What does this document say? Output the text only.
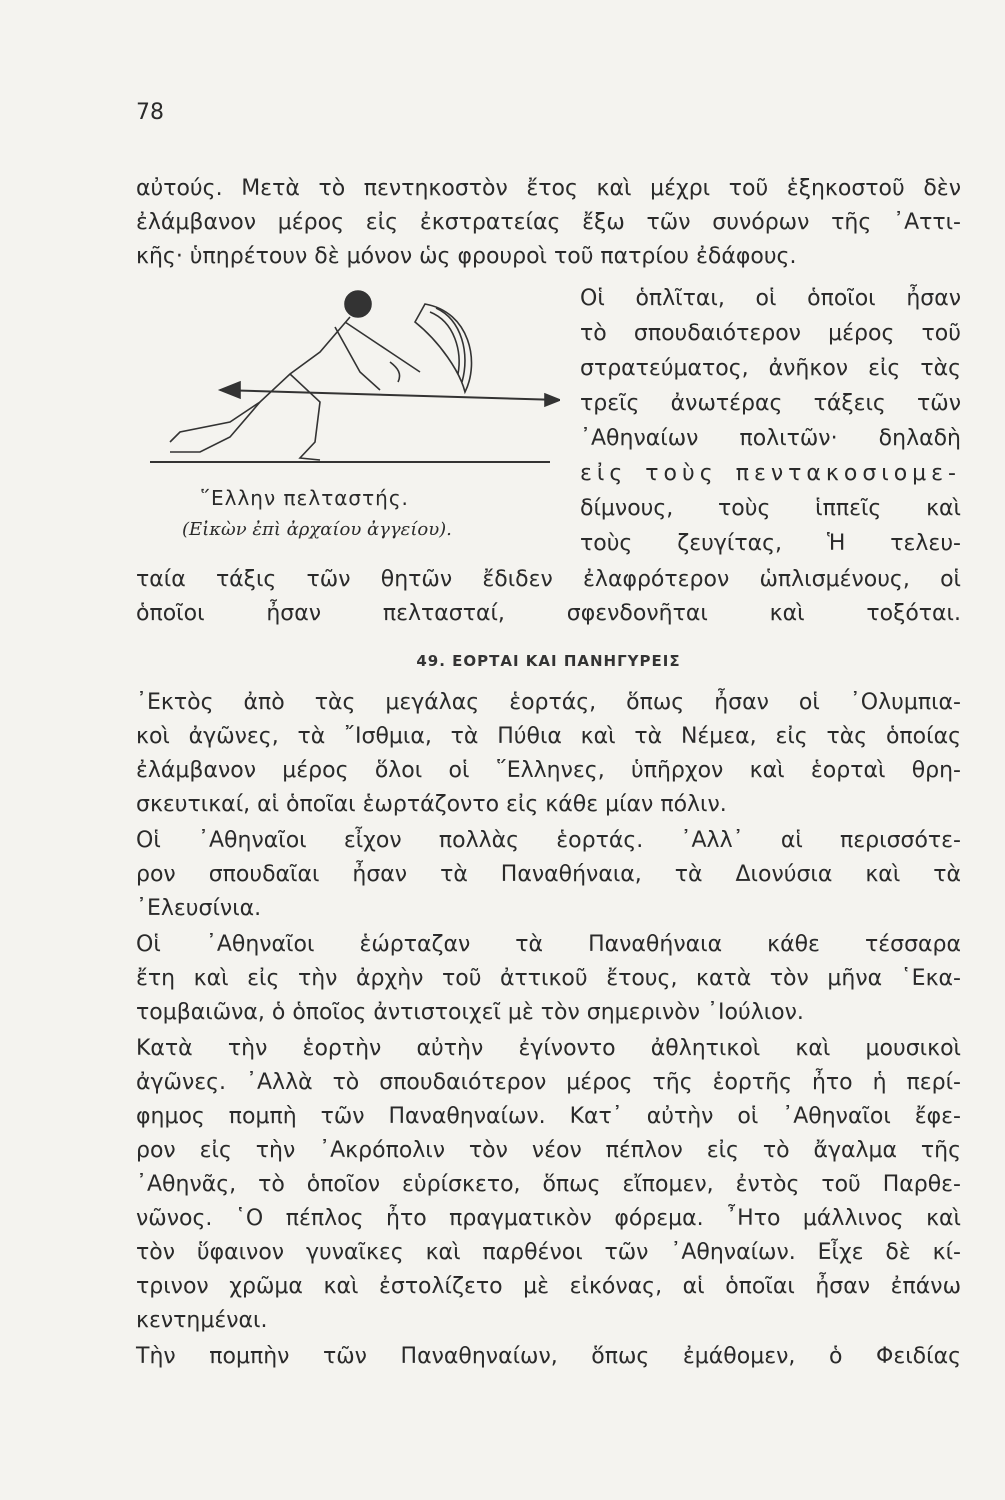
78
αὐτούς. Μετὰ τὸ πεντηκοστὸν ἔτος καὶ μέχρι τοῦ ἑξηκοστοῦ δὲν
ἐλάμβανον μέρος εἰς ἐκστρατείας ἔξω τῶν συνόρων τῆς ᾿Αττι-
κῆς· ὑπηρέτουν δὲ μόνον ὡς φρουροὶ τοῦ πατρίου ἐδάφους.
Οἱ ὁπλῖται, οἱ ὁποῖοι ἦσαν
τὸ σπουδαιότερον μέρος τοῦ
στρατεύματος, ἀνῆκον εἰς τὰς
τρεῖς ἀνωτέρας τάξεις τῶν
᾿Αθηναίων πολιτῶν· δηλαδὴ
εἰς τοὺς πεντακοσιομε-
δίμνους, τοὺς ἱππεῖς καὶ
τοὺς ζευγίτας, Ἡ τελευ-
῞Ελλην πελταστής.
(Εἰκὼν ἐπὶ ἀρχαίου ἀγγείου).
ταία τάξις τῶν θητῶν ἔδιδεν ἐλαφρότερον ὡπλισμένους, οἱ
ὁποῖοι ἦσαν πελτασταί, σφενδονῆται καὶ τοξόται.
49. ΕΟΡΤΑΙ ΚΑΙ ΠΑΝΗΓΥΡΕΙΣ
᾿Εκτὸς ἀπὸ τὰς μεγάλας ἑορτάς, ὅπως ἦσαν οἱ ᾿Ολυμπια-
κοὶ ἀγῶνες, τὰ ῎Ισθμια, τὰ Πύθια καὶ τὰ Νέμεα, εἰς τὰς ὁποίας
ἐλάμβανον μέρος ὅλοι οἱ ῞Ελληνες, ὑπῆρχον καὶ ἑορταὶ θρη-
σκευτικαί, αἱ ὁποῖαι ἑωρτάζοντο εἰς κάθε μίαν πόλιν.
Οἱ ᾿Αθηναῖοι εἶχον πολλὰς ἑορτάς. ᾿Αλλ᾿ αἱ περισσότε-
ρον σπουδαῖαι ἦσαν τὰ Παναθήναια, τὰ Διονύσια καὶ τὰ
᾿Ελευσίνια.
Οἱ ᾿Αθηναῖοι ἑώρταζαν τὰ Παναθήναια κάθε τέσσαρα
ἔτη καὶ εἰς τὴν ἀρχὴν τοῦ ἀττικοῦ ἔτους, κατὰ τὸν μῆνα ῾Εκα-
τομβαιῶνα, ὁ ὁποῖος ἀντιστοιχεῖ μὲ τὸν σημερινὸν ᾿Ιούλιον.
Κατὰ τὴν ἑορτὴν αὐτὴν ἐγίνοντο ἀθλητικοὶ καὶ μουσικοὶ
ἀγῶνες. ᾿Αλλὰ τὸ σπουδαιότερον μέρος τῆς ἑορτῆς ἦτο ἡ περί-
φημος πομπὴ τῶν Παναθηναίων. Κατ᾿ αὐτὴν οἱ ᾿Αθηναῖοι ἔφε-
ρον εἰς τὴν ᾿Ακρόπολιν τὸν νέον πέπλον εἰς τὸ ἄγαλμα τῆς
᾿Αθηνᾶς, τὸ ὁποῖον εὑρίσκετο, ὅπως εἴπομεν, ἐντὸς τοῦ Παρθε-
νῶνος. ῾Ο πέπλος ἦτο πραγματικὸν φόρεμα. ῏Ητο μάλλινος καὶ
τὸν ὕφαινον γυναῖκες καὶ παρθένοι τῶν ᾿Αθηναίων. Εἶχε δὲ κί-
τρινον χρῶμα καὶ ἐστολίζετο μὲ εἰκόνας, αἱ ὁποῖαι ἦσαν ἐπάνω
κεντημέναι.
Τὴν πομπὴν τῶν Παναθηναίων, ὅπως ἐμάθομεν, ὁ Φειδίας
